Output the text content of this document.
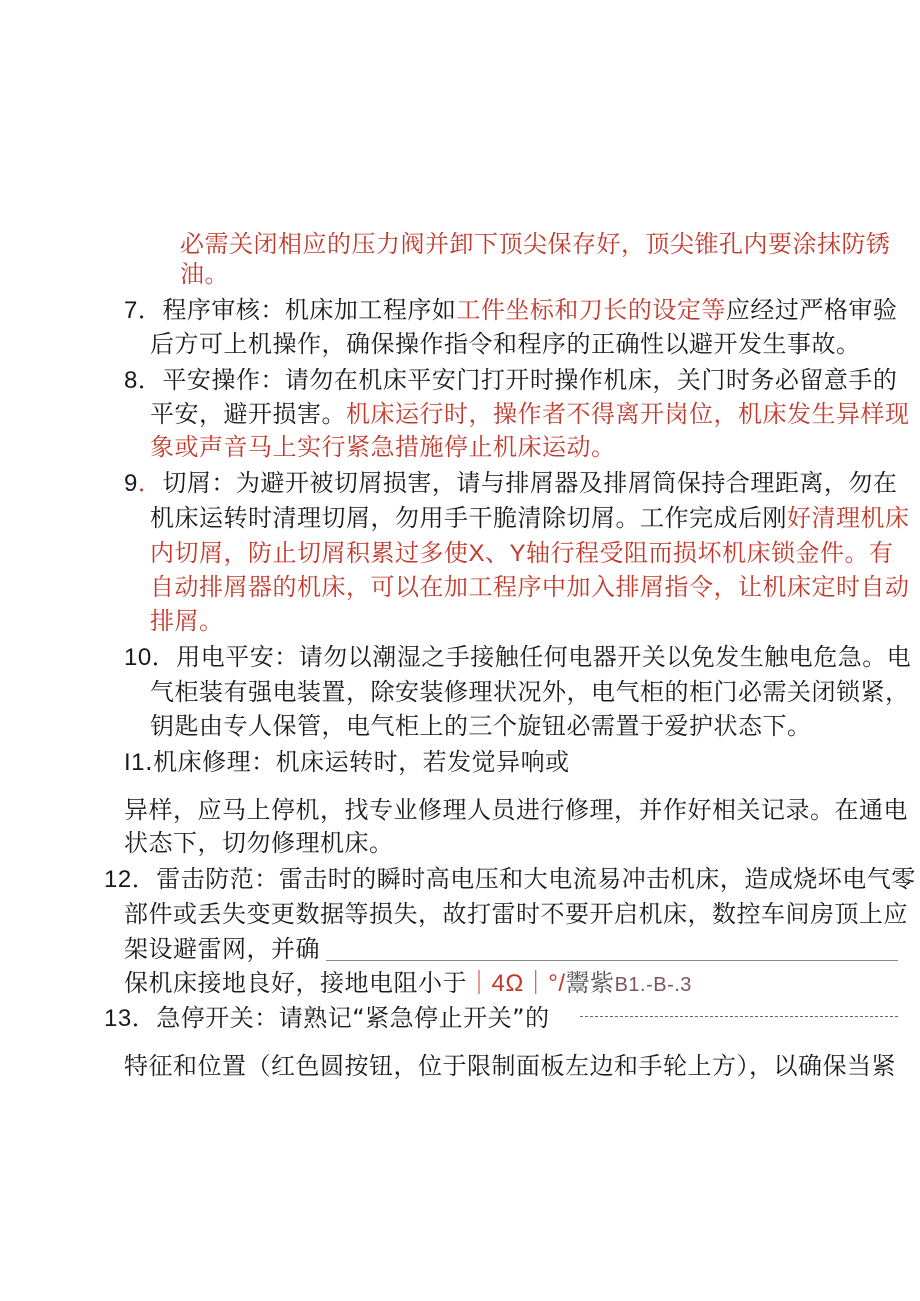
必需关闭相应的压力阀并卸下顶尖保存好，顶尖锥孔内要涂抹防锈
油。
7．程序审核：机床加工程序如工件坐标和刀长的设定等应经过严格审验
后方可上机操作，确保操作指令和程序的正确性以避开发生事故。
8．平安操作：请勿在机床平安门打开时操作机床，关门时务必留意手的
平安，避开损害。机床运行时，操作者不得离开岗位，机床发生异样现
象或声音马上实行紧急措施停止机床运动。
9．切屑：为避开被切屑损害，请与排屑器及排屑筒保持合理距离，勿在
机床运转时清理切屑，勿用手干脆清除切屑。工作完成后刚好清理机床
内切屑，防止切屑积累过多使X、Y轴行程受阻而损坏机床锁金件。有
自动排屑器的机床，可以在加工程序中加入排屑指令，让机床定时自动
排屑。
10．用电平安：请勿以潮湿之手接触任何电器开关以免发生触电危急。电
气柜装有强电装置，除安装修理状况外，电气柜的柜门必需关闭锁紧，
钥匙由专人保管，电气柜上的三个旋钮必需置于爱护状态下。
I1.机床修理：机床运转时，若发觉异响或
异样，应马上停机，找专业修理人员进行修理，并作好相关记录。在通电
状态下，切勿修理机床。
12．雷击防范：雷击时的瞬时高电压和大电流易冲击机床，造成烧坏电气零
部件或丢失变更数据等损失，故打雷时不要开启机床，数控车间房顶上应
架设避雷网，并确
保机床接地良好，接地电阻小于｜4Ω｜°/鬻紫B1.-B-.3
13．急停开关：请熟记“紧急停止开关”的
特征和位置（红色圆按钮，位于限制面板左边和手轮上方），以确保当紧
